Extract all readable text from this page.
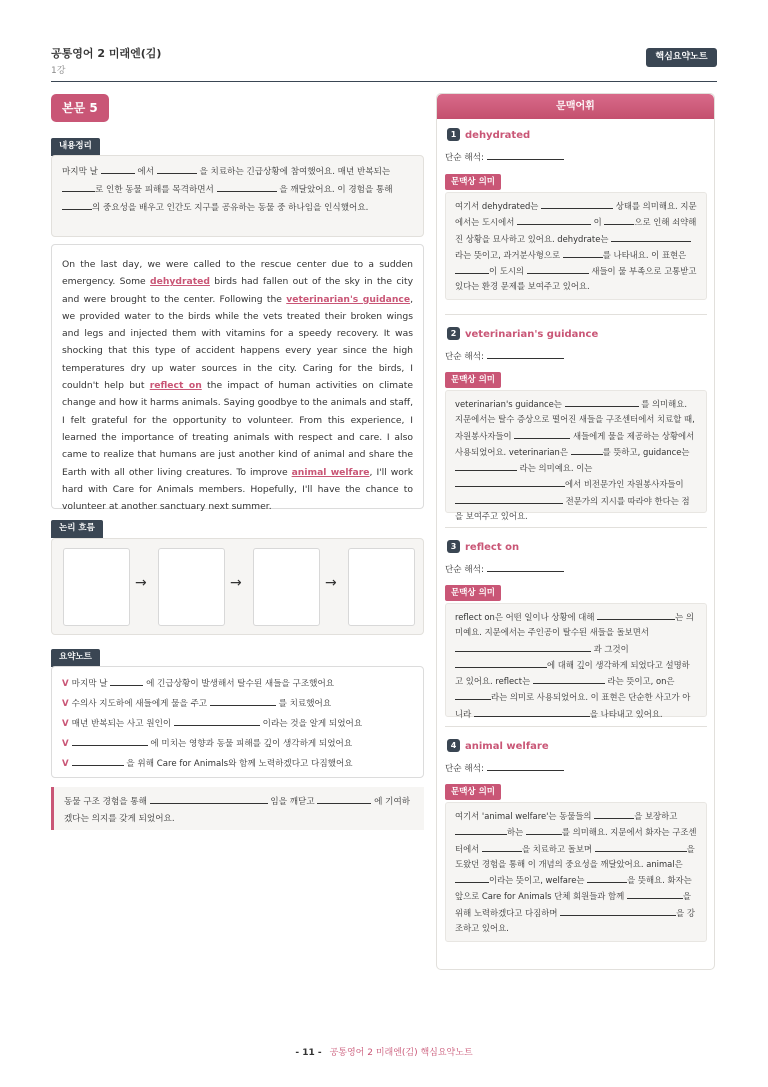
공통영어 2 미래엔(김)
1강
핵심요약노트
본문 5
내용정리
마지막 날	에서	을 치료하는 긴급상황에 참여했어요. 매년 반복되는 로 인한 동물 피해를 목격하면서	을 깨달았어요. 이 경험을 통해 의 중요성을 배우고 인간도 지구를 공유하는 동물 중 하나임을 인식했어요.
On the last day, we were called to the rescue center due to a sudden emergency. Some dehydrated birds had fallen out of the sky in the city and were brought to the center. Following the veterinarian's guidance, we provided water to the birds while the vets treated their broken wings and legs and injected them with vitamins for a speedy recovery. It was shocking that this type of accident happens every year since the high temperatures dry up water sources in the city. Caring for the birds, I couldn't help but reflect on the impact of human activities on climate change and how it harms animals. Saying goodbye to the animals and staff, I felt grateful for the opportunity to volunteer. From this experience, I learned the importance of treating animals with respect and care. I also came to realize that humans are just another kind of animal and share the Earth with all other living creatures. To improve animal welfare, I'll work hard with Care for Animals members. Hopefully, I'll have the chance to volunteer at another sanctuary next summer.
논리 흐름
→	→	→
요약노트
V 마지막 날	에 긴급상황이 발생해서 탈수된 새들을 구조했어요
V 수의사 지도하에 새들에게 물을 주고	를 치료했어요
V 매년 반복되는 사고 원인이	이라는 것을 알게 되었어요
V	에 미치는 영향과 동물 피해를 깊이 생각하게 되었어요
V	을 위해 Care for Animals와 함께 노력하겠다고 다짐했어요
동물 구조 경험을 통해	임을 깨닫고	에 기여하겠다는 의지를 갖게 되었어요.
문맥어휘
1 dehydrated
단순 해석:
문맥상 의미
여기서 dehydrated는	상태를 의미해요. 지문에서는 도시에서	이	으로 인해 쇠약해진 상황을 묘사하고 있어요. dehydrate는 라는 뜻이고, 과거분사형으로	를 나타내요. 이 표현은 이 도시의	새들이 물 부족으로 고통받고 있다는 환경 문제를 보여주고 있어요.
2 veterinarian's guidance
단순 해석:
문맥상 의미
veterinarian's guidance는	를 의미해요. 지문에서는 탈수 증상으로 떨어진 새들을 구조센터에서 치료할 때, 자원봉사자들이	새들에게 물을 제공하는 상황에서 사용되었어요. veterinarian은	를 뜻하고, guidance는  라는 의미예요. 이는 에서 비전문가인 자원봉사자들이  전문가의 지시를 따라야 한다는 점을 보여주고 있어요.
3 reflect on
단순 해석:
문맥상 의미
reflect on은 어떤 일이나 상황에 대해	는 의미예요. 지문에서는 주인공이 탈수된 새들을 돌보면서  과 그것이 에 대해 깊이 생각하게 되었다고 설명하고 있어요. reflect는	라는 뜻이고, on은 라는 의미로 사용되었어요. 이 표현은 단순한 사고가 아니라	을 나타내고 있어요.
4 animal welfare
단순 해석:
문맥상 의미
여기서 'animal welfare'는 동물들의	을 보장하고 하는	를 의미해요. 지문에서 화자는 구조센터에서	을 치료하고 돌보며	을 도왔던 경험을 통해 이 개념의 중요성을 깨달았어요. animal은 이라는 뜻이고, welfare는	을 뜻해요. 화자는 앞으로 Care for Animals 단체 회원들과 함께	을 위해 노력하겠다고 다짐하며	을 강조하고 있어요.
- 11 - 공통영어 2 미래엔(김) 핵심요약노트
